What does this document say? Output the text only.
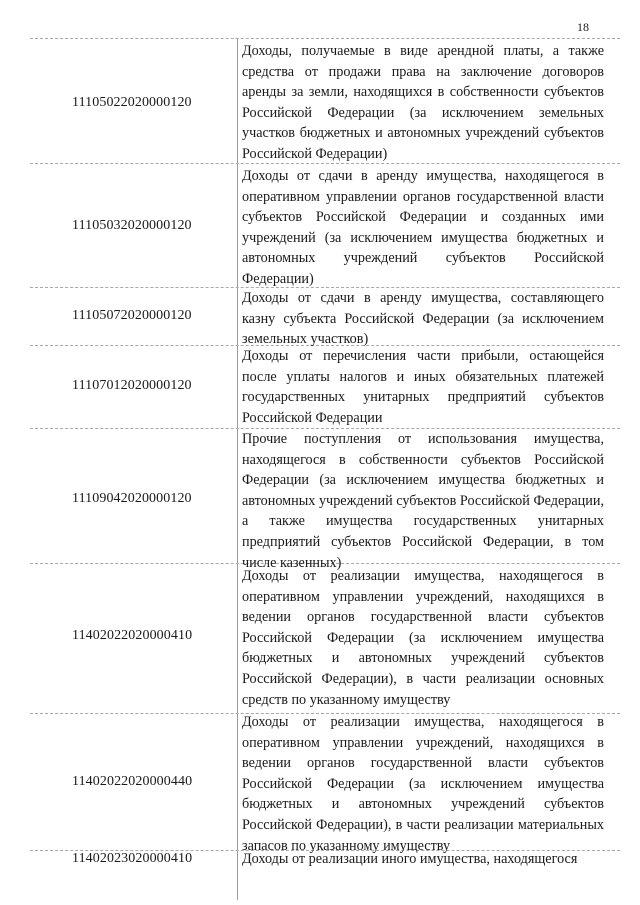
18
11105022020000120
Доходы, получаемые в виде арендной платы, а также средства от продажи права на заключение договоров аренды за земли, находящихся в собственности субъектов Российской Федерации (за исключением земельных участков бюджетных и автономных учреждений субъектов Российской Федерации)
11105032020000120
Доходы от сдачи в аренду имущества, находящегося в оперативном управлении органов государственной власти субъектов Российской Федерации и созданных ими учреждений (за исключением имущества бюджетных и автономных учреждений субъектов Российской Федерации)
11105072020000120
Доходы от сдачи в аренду имущества, составляющего казну субъекта Российской Федерации (за исключением земельных участков)
11107012020000120
Доходы от перечисления части прибыли, остающейся после уплаты налогов и иных обязательных платежей государственных унитарных предприятий субъектов Российской Федерации
11109042020000120
Прочие поступления от использования имущества, находящегося в собственности субъектов Российской Федерации (за исключением имущества бюджетных и автономных учреждений субъектов Российской Федерации, а также имущества государственных унитарных предприятий субъектов Российской Федерации, в том числе казенных)
11402022020000410
Доходы от реализации имущества, находящегося в оперативном управлении учреждений, находящихся в ведении органов государственной власти субъектов Российской Федерации (за исключением имущества бюджетных и автономных учреждений субъектов Российской Федерации), в части реализации основных средств по указанному имуществу
11402022020000440
Доходы от реализации имущества, находящегося в оперативном управлении учреждений, находящихся в ведении органов государственной власти субъектов Российской Федерации (за исключением имущества бюджетных и автономных учреждений субъектов Российской Федерации), в части реализации материальных запасов по указанному имуществу
11402023020000410	Доходы от реализации иного имущества, находящегося
